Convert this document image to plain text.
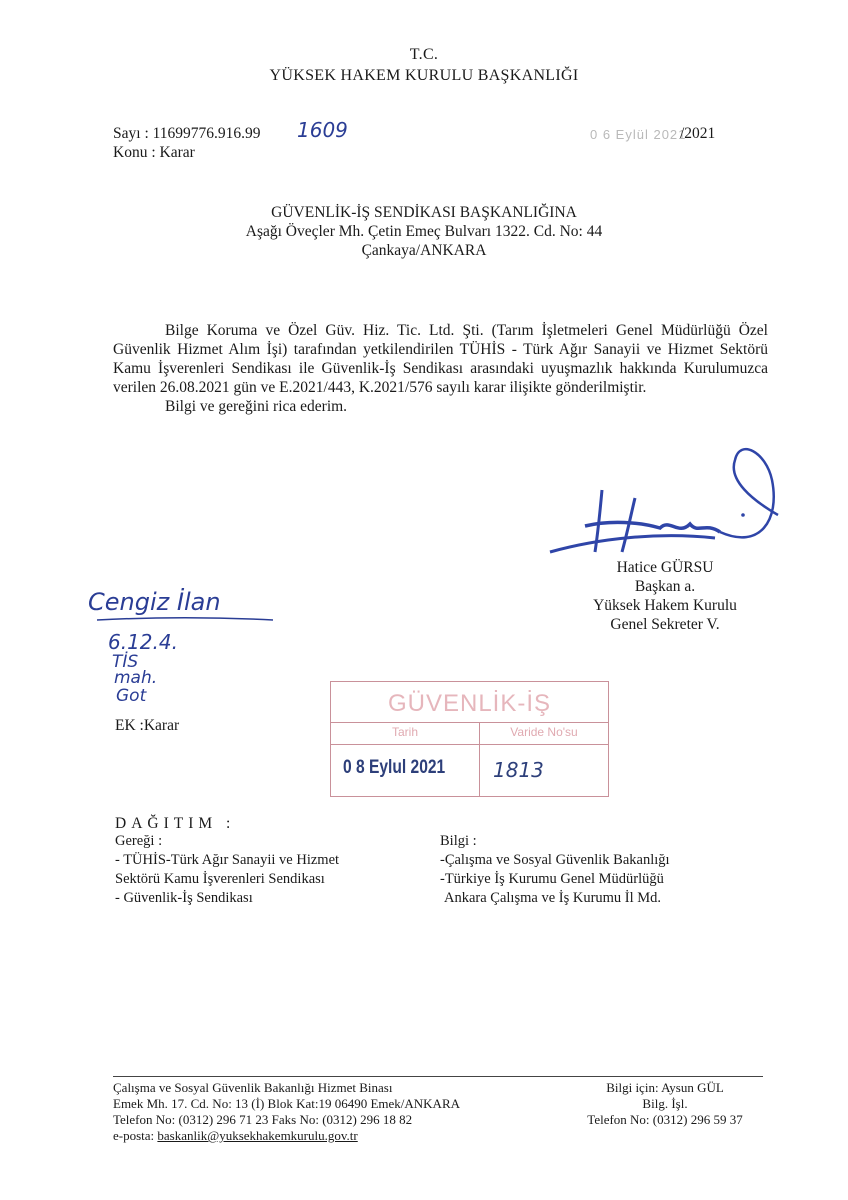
T.C.
YÜKSEK HAKEM KURULU BAŞKANLIĞI
Sayı : 11699776.916.99
Konu : Karar
1609	0 6 Eylül 2021
/2021
GÜVENLİK-İŞ SENDİKASI BAŞKANLIĞINA
Aşağı Öveçler Mh. Çetin Emeç Bulvarı 1322. Cd. No: 44
Çankaya/ANKARA

Bilge Koruma ve Özel Güv. Hiz. Tic. Ltd. Şti. (Tarım İşletmeleri Genel Müdürlüğü Özel Güvenlik Hizmet Alım İşi) tarafından yetkilendirilen TÜHİS - Türk Ağır Sanayii ve Hizmet Sektörü Kamu İşverenleri Sendikası ile Güvenlik-İş Sendikası arasındaki uyuşmazlık hakkında Kurulumuzca verilen 26.08.2021 gün ve E.2021/443, K.2021/576 sayılı karar ilişikte gönderilmiştir.

Bilgi ve gereğini rica ederim.

Hatice GÜRSU
Başkan a.
Yüksek Hakem Kurulu
Genel Sekreter V.
Cengiz İlan
6.12.4.
TİS
mah.
Got
EK :Karar
GÜVENLİK-İŞ
Tarih	Varide No'su
0 8 Eylul 2021 1813
DAĞITIM :
Gereği :
- TÜHİS-Türk Ağır Sanayii ve Hizmet
Sektörü Kamu İşverenleri Sendikası
- Güvenlik-İş Sendikası
Bilgi :
-Çalışma ve Sosyal Güvenlik Bakanlığı
-Türkiye İş Kurumu Genel Müdürlüğü
Ankara Çalışma ve İş Kurumu İl Md.
Çalışma ve Sosyal Güvenlik Bakanlığı Hizmet Binası
Emek Mh. 17. Cd. No: 13 (İ) Blok Kat:19 06490 Emek/ANKARA
Telefon No: (0312) 296 71 23 Faks No: (0312) 296 18 82
e-posta: baskanlik@yuksekhakemkurulu.gov.tr
Bilgi için: Aysun GÜL
Bilg. İşl.
Telefon No: (0312) 296 59 37
